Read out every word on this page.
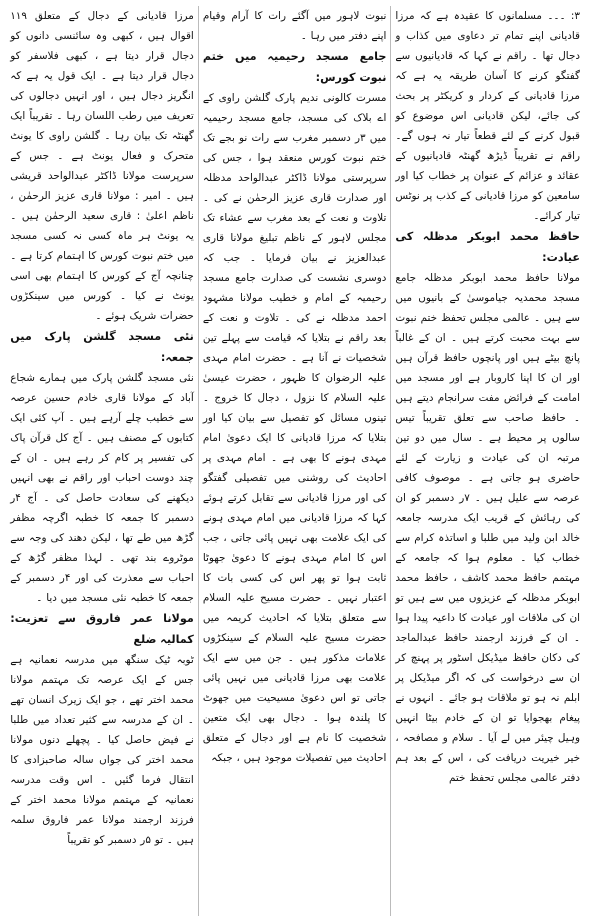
٣: ۔۔۔ مسلمانوں کا عقیدہ ہے کہ مرزا قادیانی اپنے تمام تر دعاوی میں کذاب و دجال تھا ۔ راقم نے کہا کہ قادیانیوں سے گفتگو کرنے کا آسان طریقہ یہ ہے کہ مرزا قادیانی کے کردار و کریکٹر پر بحث کی جائے، لیکن قادیانی اس موضوع کو قبول کرنے کے لئے قطعاً تیار نہ ہوں گے۔ راقم نے تقریباً ڈیڑھ گھنٹہ قادیانیوں کے عقائد و عزائم کے عنوان پر خطاب کیا اور سامعین کو مرزا قادیانی کے کذب پر نوٹس تیار کرائے۔

حافظ محمد ابوبکر مدظلہ کی عیادت:

مولانا حافظ محمد ابوبکر مدظلہ جامع مسجد محمدیہ جیاموسیٰ کے بانیوں میں سے ہیں ۔ عالمی مجلس تحفظ ختم نبوت سے بہت محبت کرتے ہیں ۔ ان کے غالباً پانچ بیٹے ہیں اور پانچوں حافظ قرآن ہیں اور ان کا اپنا کاروبار ہے اور مسجد میں امامت کے فرائض مفت سرانجام دیتے ہیں ۔ حافظ صاحب سے تعلق تقریباً تیس سالوں پر محیط ہے ۔ سال میں دو تین مرتبہ ان کی عیادت و زیارت کے لئے حاضری ہو جاتی ہے ۔ موصوف کافی عرصہ سے علیل ہیں ۔ ۷ر دسمبر کو ان کی رہائش کے قریب ایک مدرسہ جامعہ خالد ابن ولید میں طلبا و اساتذہ کرام سے خطاب کیا ۔ معلوم ہوا کہ جامعہ کے مہتمم حافظ محمد کاشف ، حافظ محمد ابوبکر مدظلہ کے عزیزوں میں سے ہیں تو ان کی ملاقات اور عیادت کا داعیہ پیدا ہوا ۔ ان کے فرزند ارجمند حافظ عبدالماجد کی دکان حافظ میڈیکل اسٹور پر پہنچ کر ان سے درخواست کی کہ اگر میڈیکل پر ابلم نہ ہو تو ملاقات ہو جائے ۔ انہوں نے پیغام بھجوایا تو ان کے خادم بیٹا انہیں وہیل چیئر میں لے آیا ۔ سلام و مصافحہ ، خیر خیریت دریافت کی ، اس کے بعد ہم دفتر عالمی مجلس تحفظ ختم

نبوت لاہور میں آگئے رات کا آرام وقیام اپنے دفتر میں رہا ۔

جامع مسجد رحیمیہ میں ختم نبوت کورس:

مسرت کالونی ندیم پارک گلشن راوی کے اے بلاک کی مسجد، جامع مسجد رحیمیہ میں ۳ر دسمبر مغرب سے رات نو بجے تک ختم نبوت کورس منعقد ہوا ، جس کی سرپرستی مولانا ڈاکٹر عبدالواحد مدظلہ اور صدارت قاری عزیز الرحمٰن نے کی ۔ تلاوت و نعت کے بعد مغرب سے عشاء تک مجلس لاہور کے ناظم تبلیغ مولانا قاری عبدالعزیز نے بیان فرمایا ۔ جب کہ دوسری نشست کی صدارت جامع مسجد رحیمیہ کے امام و خطیب مولانا مشہود احمد مدظلہ نے کی ۔ تلاوت و نعت کے بعد راقم نے بتلایا کہ قیامت سے پہلے تین شخصیات نے آنا ہے ۔ حضرت امام مہدی علیہ الرضوان کا ظہور ، حضرت عیسیٰ علیہ السلام کا نزول ، دجال کا خروج ۔ تینوں مسائل کو تفصیل سے بیان کیا اور بتلایا کہ مرزا قادیانی کا ایک دعویٰ امام مہدی ہونے کا بھی ہے ۔ امام مہدی پر احادیث کی روشنی میں تفصیلی گفتگو کی اور مرزا قادیانی سے تقابل کرتے ہوئے کہا کہ مرزا قادیانی میں امام مہدی ہونے کی ایک علامت بھی نہیں پائی جاتی ، جب اس کا امام مہدی ہونے کا دعویٰ جھوٹا ثابت ہوا تو پھر اس کی کسی بات کا اعتبار نہیں ۔ حضرت مسیح علیہ السلام سے متعلق بتلایا کہ احادیث کریمہ میں حضرت مسیح علیہ السلام کے سینکڑوں علامات مذکور ہیں ۔ جن میں سے ایک علامت بھی مرزا قادیانی میں نہیں پائی جاتی تو اس دعویٰ مسیحیت میں جھوٹ کا پلندہ ہوا ۔ دجال بھی ایک متعین شخصیت کا نام ہے اور دجال کے متعلق احادیث میں تفصیلات موجود ہیں ، جبکہ

مرزا قادیانی کے دجال کے متعلق ۱۱۹ اقوال ہیں ، کبھی وہ سائنسی دانوں کو دجال قرار دیتا ہے ، کبھی فلاسفر کو دجال قرار دیتا ہے ۔ ایک قول یہ ہے کہ انگریز دجال ہیں ، اور انہیں دجالوں کی تعریف میں رطب اللسان رہا ۔ تقریباً ایک گھنٹہ تک بیان رہا ۔ گلشن راوی کا یونٹ متحرک و فعال یونٹ ہے ۔ جس کے سرپرست مولانا ڈاکٹر عبدالواحد قریشی ہیں ۔ امیر : مولانا قاری عزیز الرحمٰن ، ناظم اعلیٰ : قاری سعید الرحمٰن ہیں ۔ یہ یونٹ ہر ماہ کسی نہ کسی مسجد میں ختم نبوت کورس کا اہتمام کرتا ہے ۔ چنانچہ آج کے کورس کا اہتمام بھی اسی یونٹ نے کیا ۔ کورس میں سینکڑوں حضرات شریک ہوئے ۔

نئی مسجد گلشن پارک میں جمعہ:

نئی مسجد گلشن پارک میں ہمارے شجاع آباد کے مولانا قاری خادم حسین عرصہ سے خطیب چلے آرہے ہیں ۔ آپ کئی ایک کتابوں کے مصنف ہیں ۔ آج کل قرآن پاک کی تفسیر پر کام کر رہے ہیں ۔ ان کے چند دوست احباب اور راقم نے بھی انہیں دیکھنے کی سعادت حاصل کی ۔ آج ۴ر دسمبر کا جمعہ کا خطبہ اگرچہ مظفر گڑھ میں طے تھا ، لیکن دھند کی وجہ سے موٹروے بند تھی ۔ لہذا مظفر گڑھ کے احباب سے معذرت کی اور ۴ر دسمبر کے جمعہ کا خطبہ نئی مسجد میں دیا ۔

مولانا عمر فاروق سے تعزیت: کمالیہ ضلع

ٹوبہ ٹیک سنگھ میں مدرسہ نعمانیہ ہے جس کے ایک عرصہ تک مہتمم مولانا محمد اختر تھے ، جو ایک زیرک انسان تھے ۔ ان کے مدرسہ سے کثیر تعداد میں طلبا نے فیض حاصل کیا ۔ پچھلے دنوں مولانا محمد اختر کی جواں سالہ صاحبزادی کا انتقال فرما گئیں ۔ اس وقت مدرسہ نعمانیہ کے مہتمم مولانا محمد اختر کے فرزند ارجمند مولانا عمر فاروق سلمہ ہیں ۔ تو ۵ر دسمبر کو تقریباً
